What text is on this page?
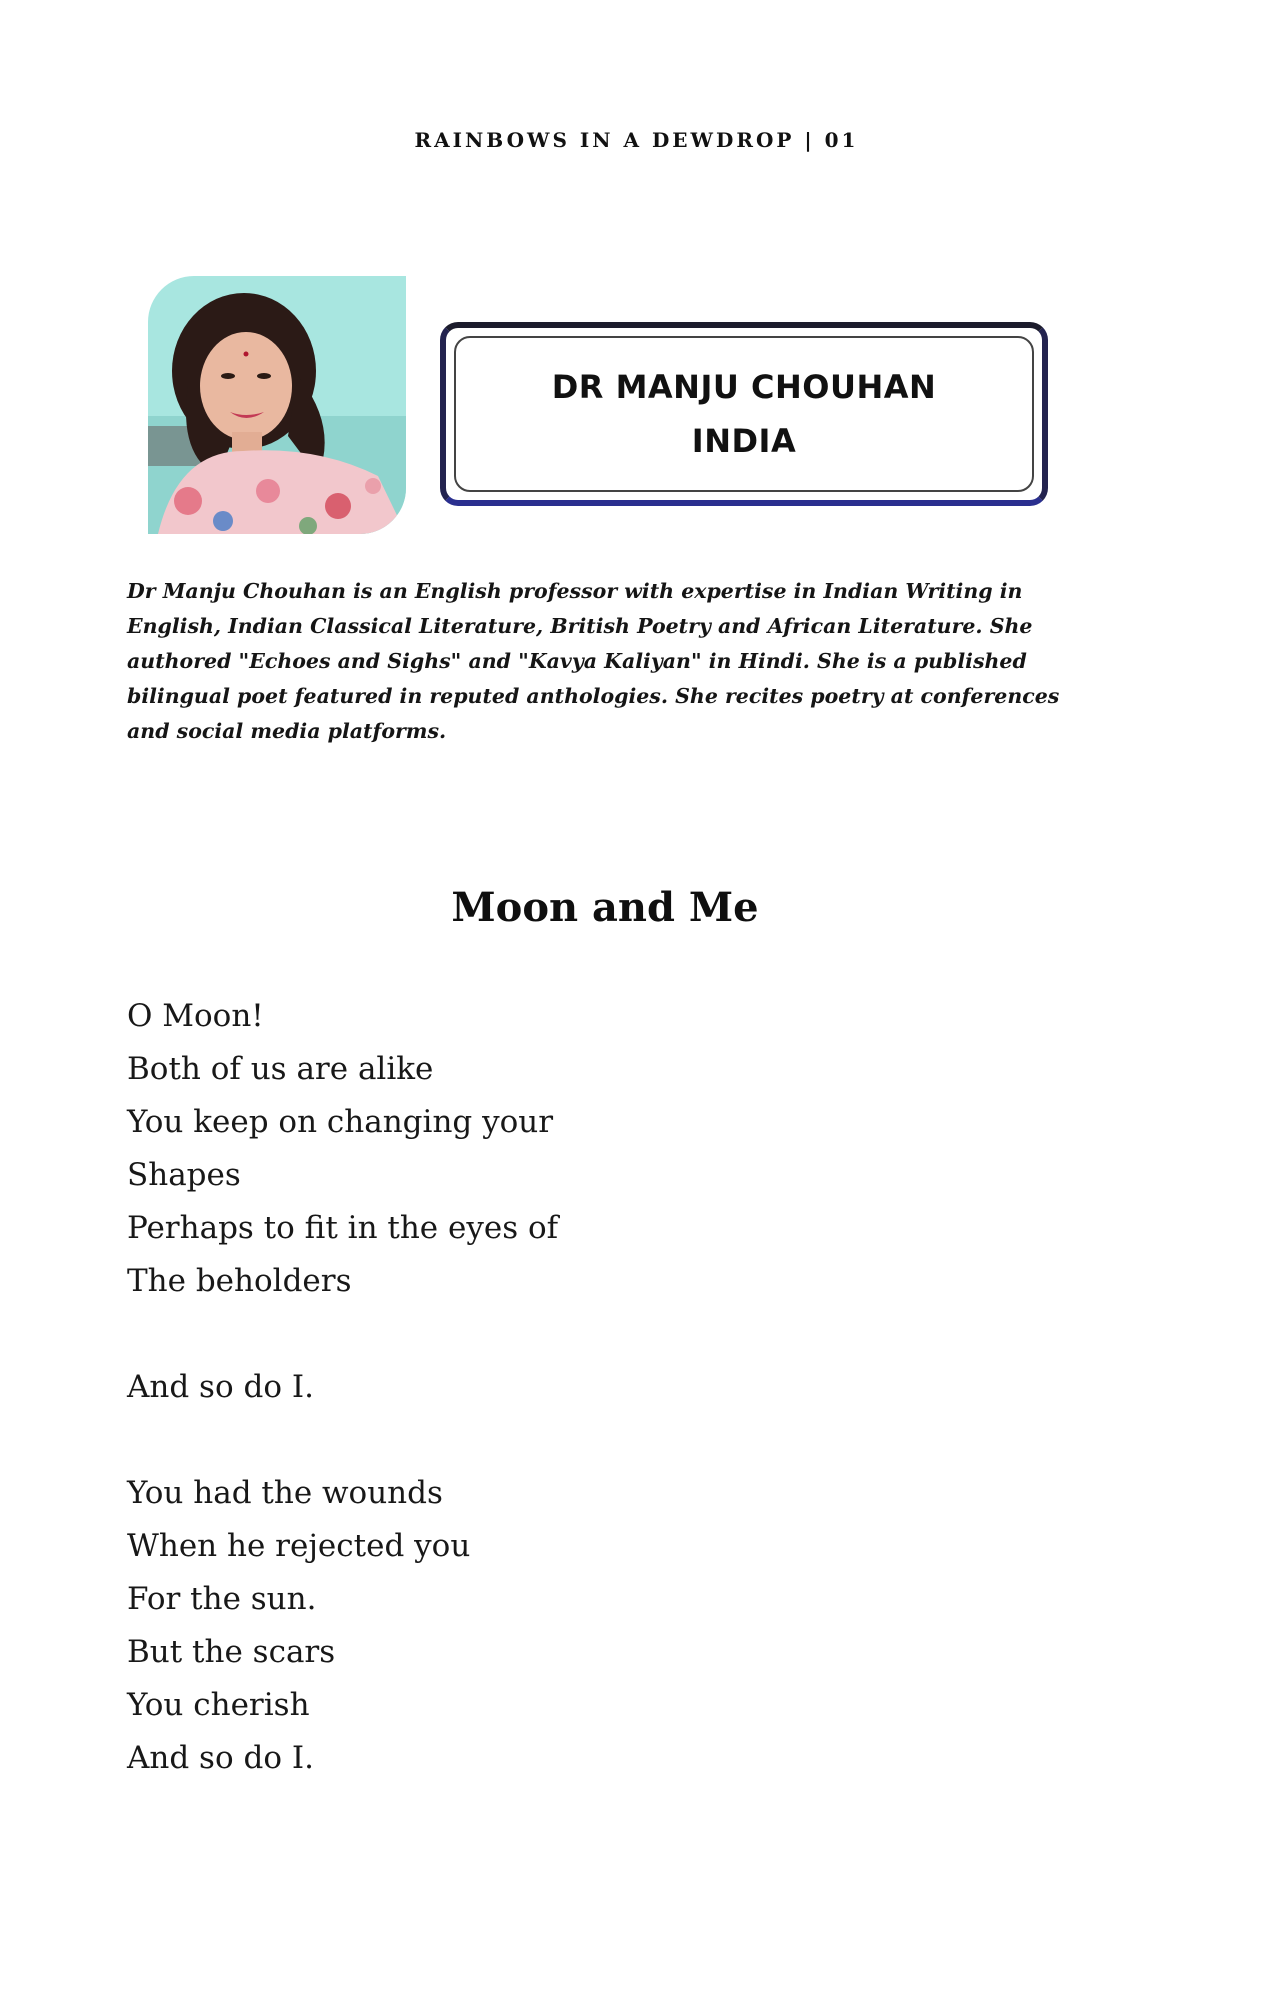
RAINBOWS IN A DEWDROP | 01
DR MANJU CHOUHAN
INDIA
Dr Manju Chouhan is an English professor with expertise in Indian Writing in English, Indian Classical Literature, British Poetry and African Literature. She authored "Echoes and Sighs" and "Kavya Kaliyan" in Hindi. She is a published bilingual poet featured in reputed anthologies. She recites poetry at conferences and social media platforms.
Moon and Me
O Moon!
Both of us are alike
You keep on changing your
Shapes
Perhaps to fit in the eyes of
The beholders
And so do I.
You had the wounds
When he rejected you
For the sun.
But the scars
You cherish
And so do I.
